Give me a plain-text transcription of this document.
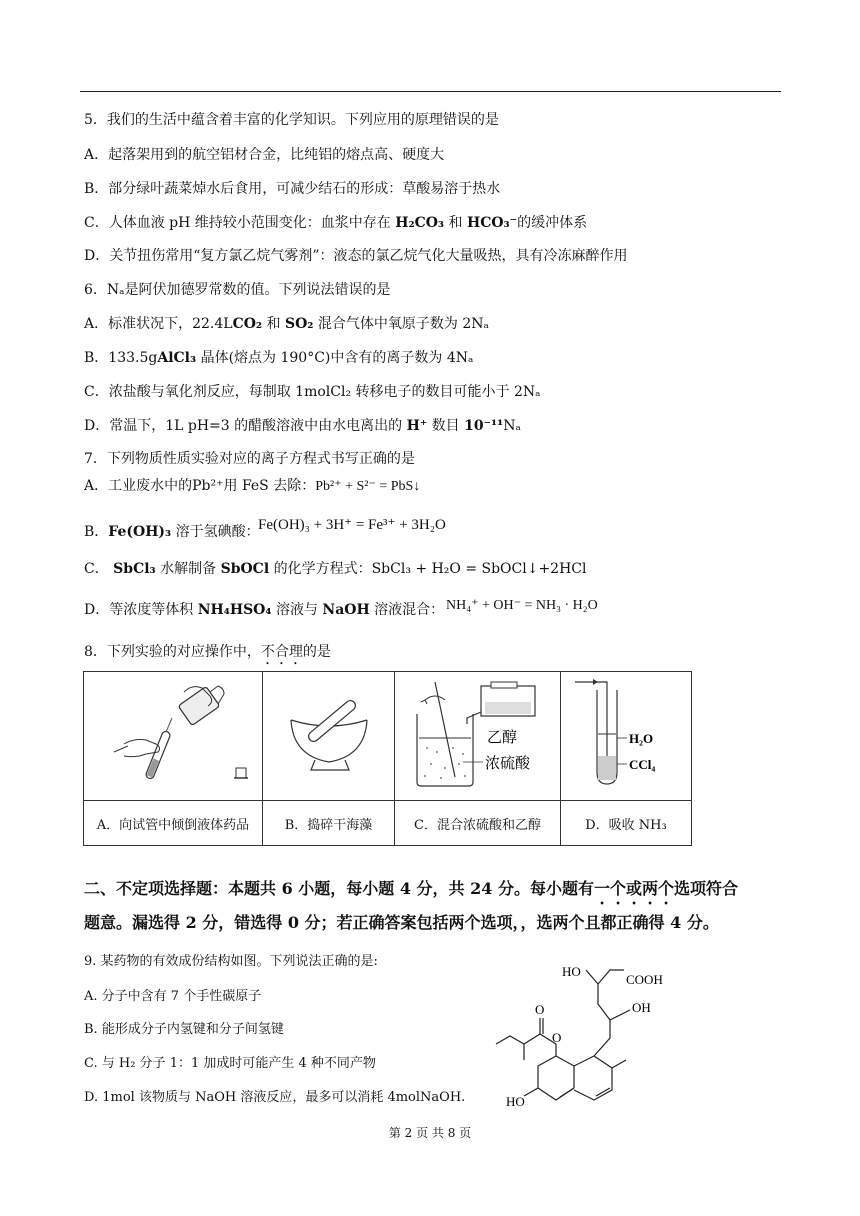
5．我们的生活中蕴含着丰富的化学知识。下列应用的原理错误的是
A．起落架用到的航空铝材合金，比纯铝的熔点高、硬度大
B．部分绿叶蔬菜焯水后食用，可减少结石的形成：草酸易溶于热水
C．人体血液 pH 维持较小范围变化：血浆中存在 H₂CO₃ 和 HCO₃⁻的缓冲体系
D．关节扭伤常用“复方氯乙烷气雾剂”：液态的氯乙烷气化大量吸热，具有冷冻麻醉作用
6．Nₐ是阿伏加德罗常数的值。下列说法错误的是
A．标准状况下，22.4LCO₂ 和 SO₂ 混合气体中氧原子数为 2Nₐ
B．133.5gAlCl₃ 晶体(熔点为 190°C)中含有的离子数为 4Nₐ
C．浓盐酸与氧化剂反应，每制取 1molCl₂ 转移电子的数目可能小于 2Nₐ
D．常温下，1L pH=3 的醋酸溶液中由水电离出的 H⁺ 数目 10⁻¹¹Nₐ
7．下列物质性质实验对应的离子方程式书写正确的是
A．工业废水中的Pb²⁺用 FeS 去除：Pb²⁺ + S²⁻ = PbS↓
B．Fe(OH)₃ 溶于氢碘酸：
Fe(OH)₃ + 3H⁺ = Fe³⁺ + 3H₂O
C． SbCl₃ 水解制备 SbOCl 的化学方程式：SbCl₃ + H₂O = SbOCl↓+2HCl
D．等浓度等体积 NH₄HSO₄ 溶液与 NaOH 溶液混合： NH₄⁺ + OH⁻ = NH₃ · H₂O
8．下列实验的对应操作中，不合理的是

乙醇
浓硫酸	H₂O
CCl₄

A．向试管中倾倒液体药品	B．捣碎干海藻	C．混合浓硫酸和乙醇	D．吸收 NH₃
二、不定项选择题：本题共 6 小题，每小题 4 分，共 24 分。每小题有一个或两个选项符合
题意。漏选得 2 分，错选得 0 分；若正确答案包括两个选项，，选两个且都正确得 4 分。
9. 某药物的有效成份结构如图。下列说法正确的是:
A. 分子中含有 7 个手性碳原子
B. 能形成分子内氢键和分子间氢键
C. 与 H₂ 分子 1：1 加成时可能产生 4 种不同产物
D. 1mol 该物质与 NaOH 溶液反应，最多可以消耗 4molNaOH.
HO
COOH
OH
O
O
HO
第 2 页 共 8 页
